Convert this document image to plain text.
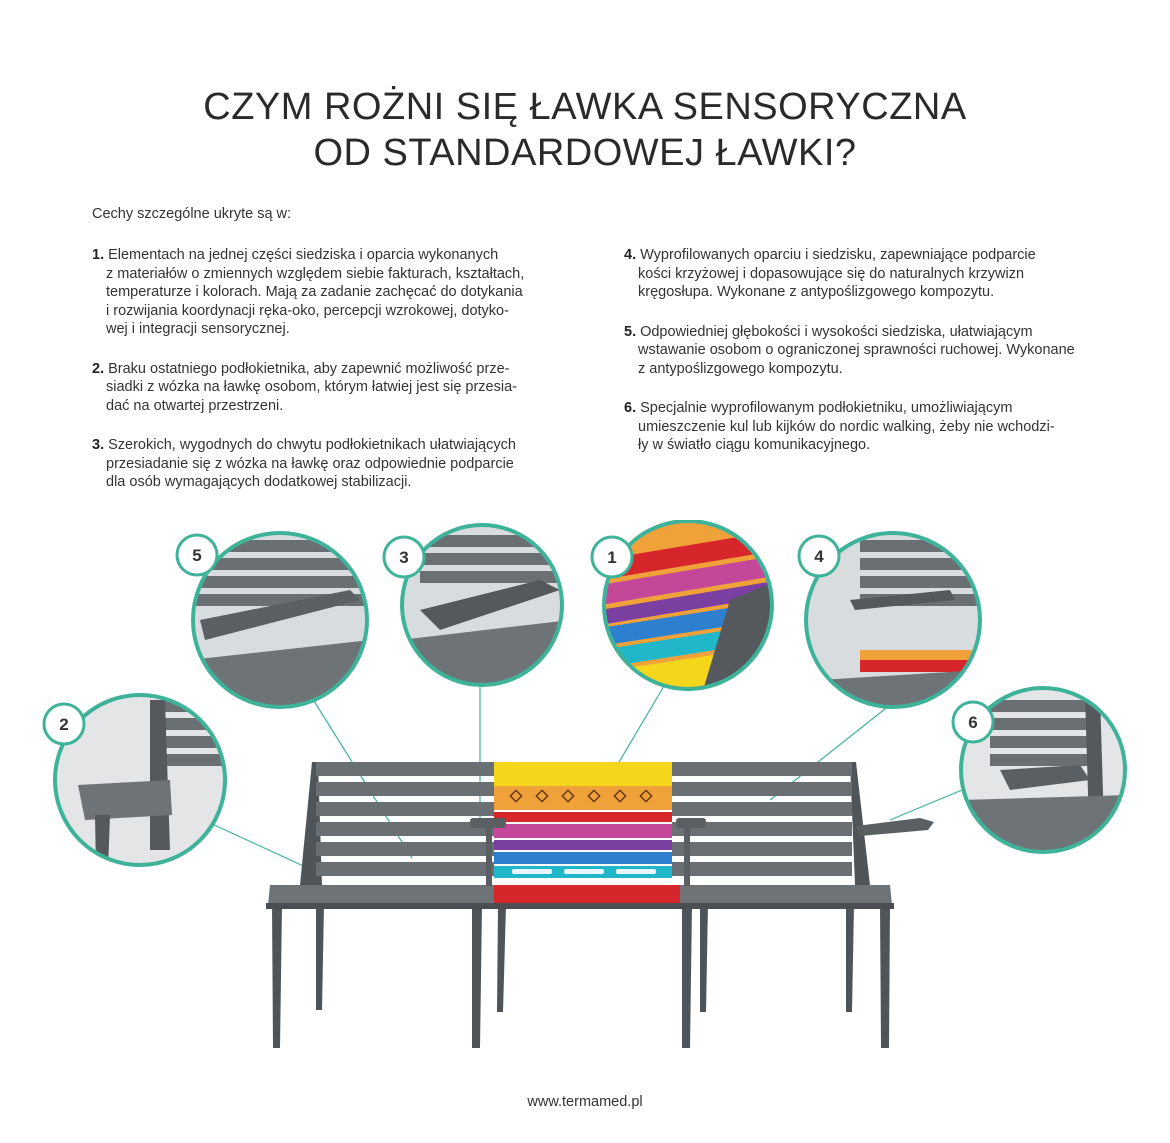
CZYM ROŻNI SIĘ ŁAWKA SENSORYCZNA
OD STANDARDOWEJ ŁAWKI?
Cechy szczególne ukryte są w:
1. Elementach na jednej części siedziska i oparcia wykonanych
z materiałów o zmiennych względem siebie fakturach, kształtach,
temperaturze i kolorach. Mają za zadanie zachęcać do dotykania
i rozwijania koordynacji ręka-oko, percepcji wzrokowej, dotyko-
wej i integracji sensorycznej.
2. Braku ostatniego podłokietnika, aby zapewnić możliwość prze-
siadki z wózka na ławkę osobom, którym łatwiej jest się przesia-
dać na otwartej przestrzeni.
3. Szerokich, wygodnych do chwytu podłokietnikach ułatwiających
przesiadanie się z wózka na ławkę oraz odpowiednie podparcie
dla osób wymagających dodatkowej stabilizacji.
4. Wyprofilowanych oparciu i siedzisku, zapewniające podparcie
kości krzyżowej i dopasowujące się do naturalnych krzywizn
kręgosłupa. Wykonane z antypoślizgowego kompozytu.
5. Odpowiedniej głębokości i wysokości siedziska, ułatwiającym
wstawanie osobom o ograniczonej sprawności ruchowej. Wykonane
z antypoślizgowego kompozytu.
6. Specjalnie wyprofilowanym podłokietniku, umożliwiającym
umieszczenie kul lub kijków do nordic walking, żeby nie wchodzi-
ły w światło ciągu komunikacyjnego.
5	3	1	4
2	6
www.termamed.pl
